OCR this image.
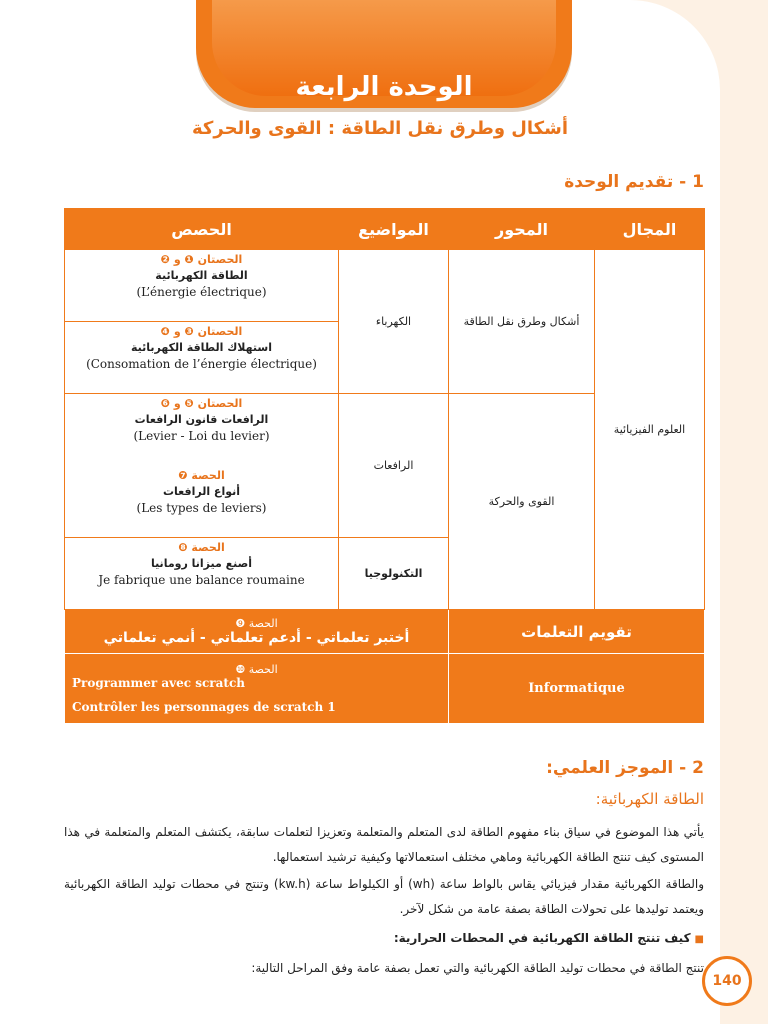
الوحدة الرابعة
أشكال وطرق نقل الطاقة : القوى والحركة
1 - تقديم الوحدة
المجال	المحور	المواضيع	الحصص
العلوم الفيزيائية	أشكال وطرق نقل الطاقة	الكهرباء	الحصتان ❶ و ❷
الطاقة الكهربائية
(L’énergie électrique)

			الحصتان ❸ و ❹
استهلاك الطاقة الكهربائية
(Consomation de l’énergie électrique)

	القوى والحركة	الرافعات	الحصتان ❺ و ❻
الرافعات قانون الرافعات
(Levier - Loi du levier)

			الحصة ❼
أنواع الرافعات
(Les types de leviers)

		التكنولوجيا	الحصة ❽
أصنع ميزانا رومانيا
Je fabrique une balance roumaine

تقويم التعلمات		الحصة ❾
أختبر تعلماتي - أدعم تعلماتي - أنمي تعلماتي	

Informatique		الحصة ❿
Programmer avec scratch
Contrôler les personnages de scratch 1	
2 - الموجز العلمي:
الطاقة الكهربائية:
يأتي هذا الموضوع في سياق بناء مفهوم الطاقة لدى المتعلم والمتعلمة وتعزيزا لتعلمات سابقة، يكتشف المتعلم والمتعلمة في هذا المستوى كيف تنتج الطاقة الكهربائية وماهي مختلف استعمالاتها وكيفية ترشيد استعمالها.
والطاقة الكهربائية مقدار فيزيائي يقاس بالواط ساعة (wh) أو الكيلواط ساعة (kw.h) وتنتج في محطات توليد الطاقة الكهربائية ويعتمد توليدها على تحولات الطاقة بصفة عامة من شكل لآخر.
■كيف تنتج الطاقة الكهربائية في المحطات الحرارية:
تنتج الطاقة في محطات توليد الطاقة الكهربائية والتي تعمل بصفة عامة وفق المراحل التالية:
140
